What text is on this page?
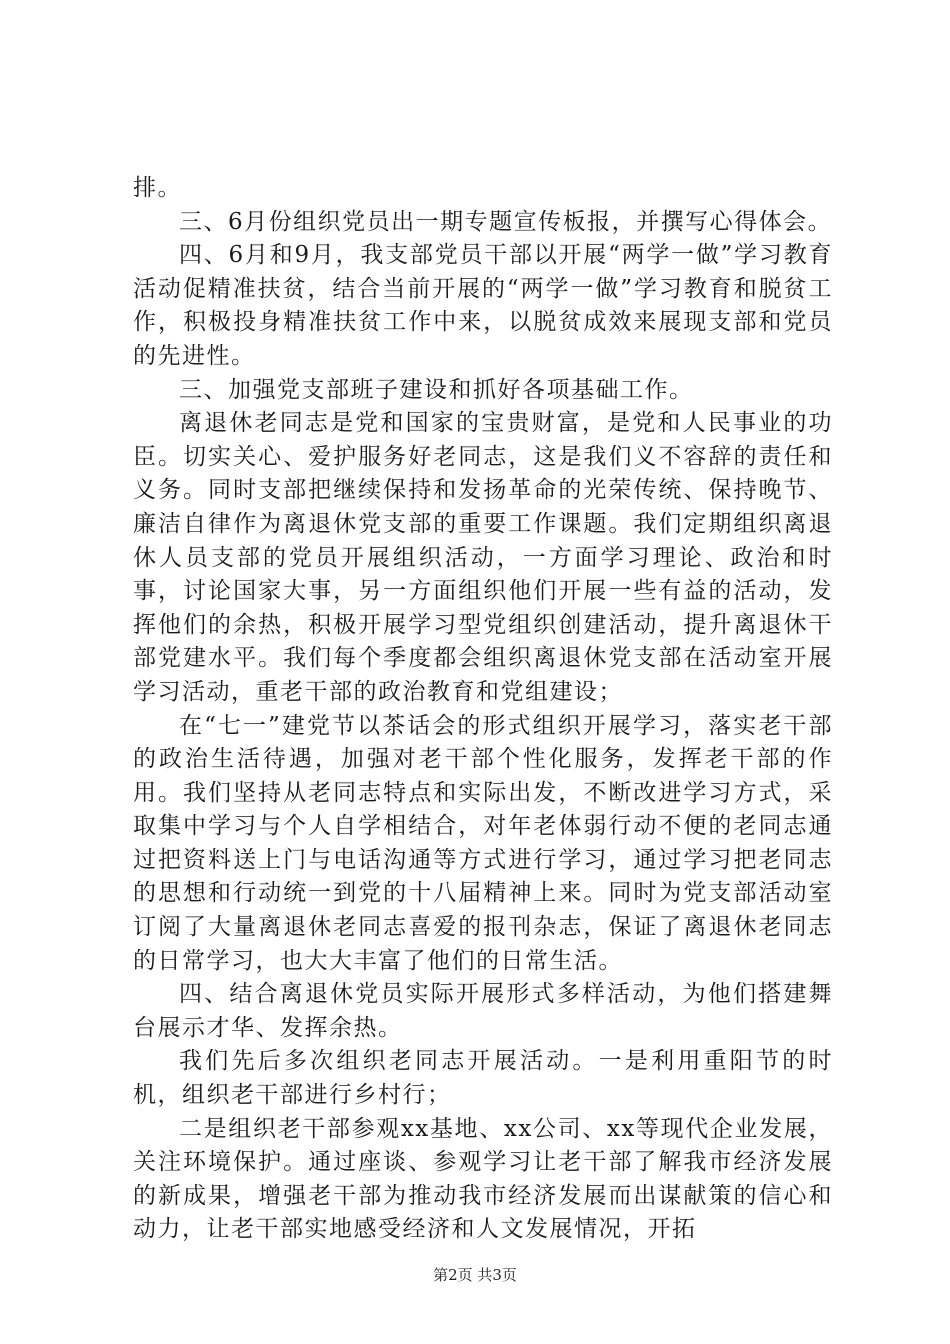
排。

三、6月份组织党员出一期专题宣传板报，并撰写心得体会。

四、6月和9月，我支部党员干部以开展“两学一做”学习教育活动促精准扶贫，结合当前开展的“两学一做”学习教育和脱贫工作，积极投身精准扶贫工作中来，以脱贫成效来展现支部和党员的先进性。

三、加强党支部班子建设和抓好各项基础工作。

离退休老同志是党和国家的宝贵财富，是党和人民事业的功臣。切实关心、爱护服务好老同志，这是我们义不容辞的责任和义务。同时支部把继续保持和发扬革命的光荣传统、保持晚节、廉洁自律作为离退休党支部的重要工作课题。我们定期组织离退休人员支部的党员开展组织活动，一方面学习理论、政治和时事，讨论国家大事，另一方面组织他们开展一些有益的活动，发挥他们的余热，积极开展学习型党组织创建活动，提升离退休干部党建水平。我们每个季度都会组织离退休党支部在活动室开展学习活动，重老干部的政治教育和党组建设；

在“七一”建党节以茶话会的形式组织开展学习，落实老干部的政治生活待遇，加强对老干部个性化服务，发挥老干部的作用。我们坚持从老同志特点和实际出发，不断改进学习方式，采取集中学习与个人自学相结合，对年老体弱行动不便的老同志通过把资料送上门与电话沟通等方式进行学习，通过学习把老同志的思想和行动统一到党的十八届精神上来。同时为党支部活动室订阅了大量离退休老同志喜爱的报刊杂志，保证了离退休老同志的日常学习，也大大丰富了他们的日常生活。

四、结合离退休党员实际开展形式多样活动，为他们搭建舞台展示才华、发挥余热。

我们先后多次组织老同志开展活动。一是利用重阳节的时机，组织老干部进行乡村行；

二是组织老干部参观xx基地、xx公司、xx等现代企业发展，关注环境保护。通过座谈、参观学习让老干部了解我市经济发展的新成果，增强老干部为推动我市经济发展而出谋献策的信心和动力，让老干部实地感受经济和人文发展情况，开拓

第2页 共3页
